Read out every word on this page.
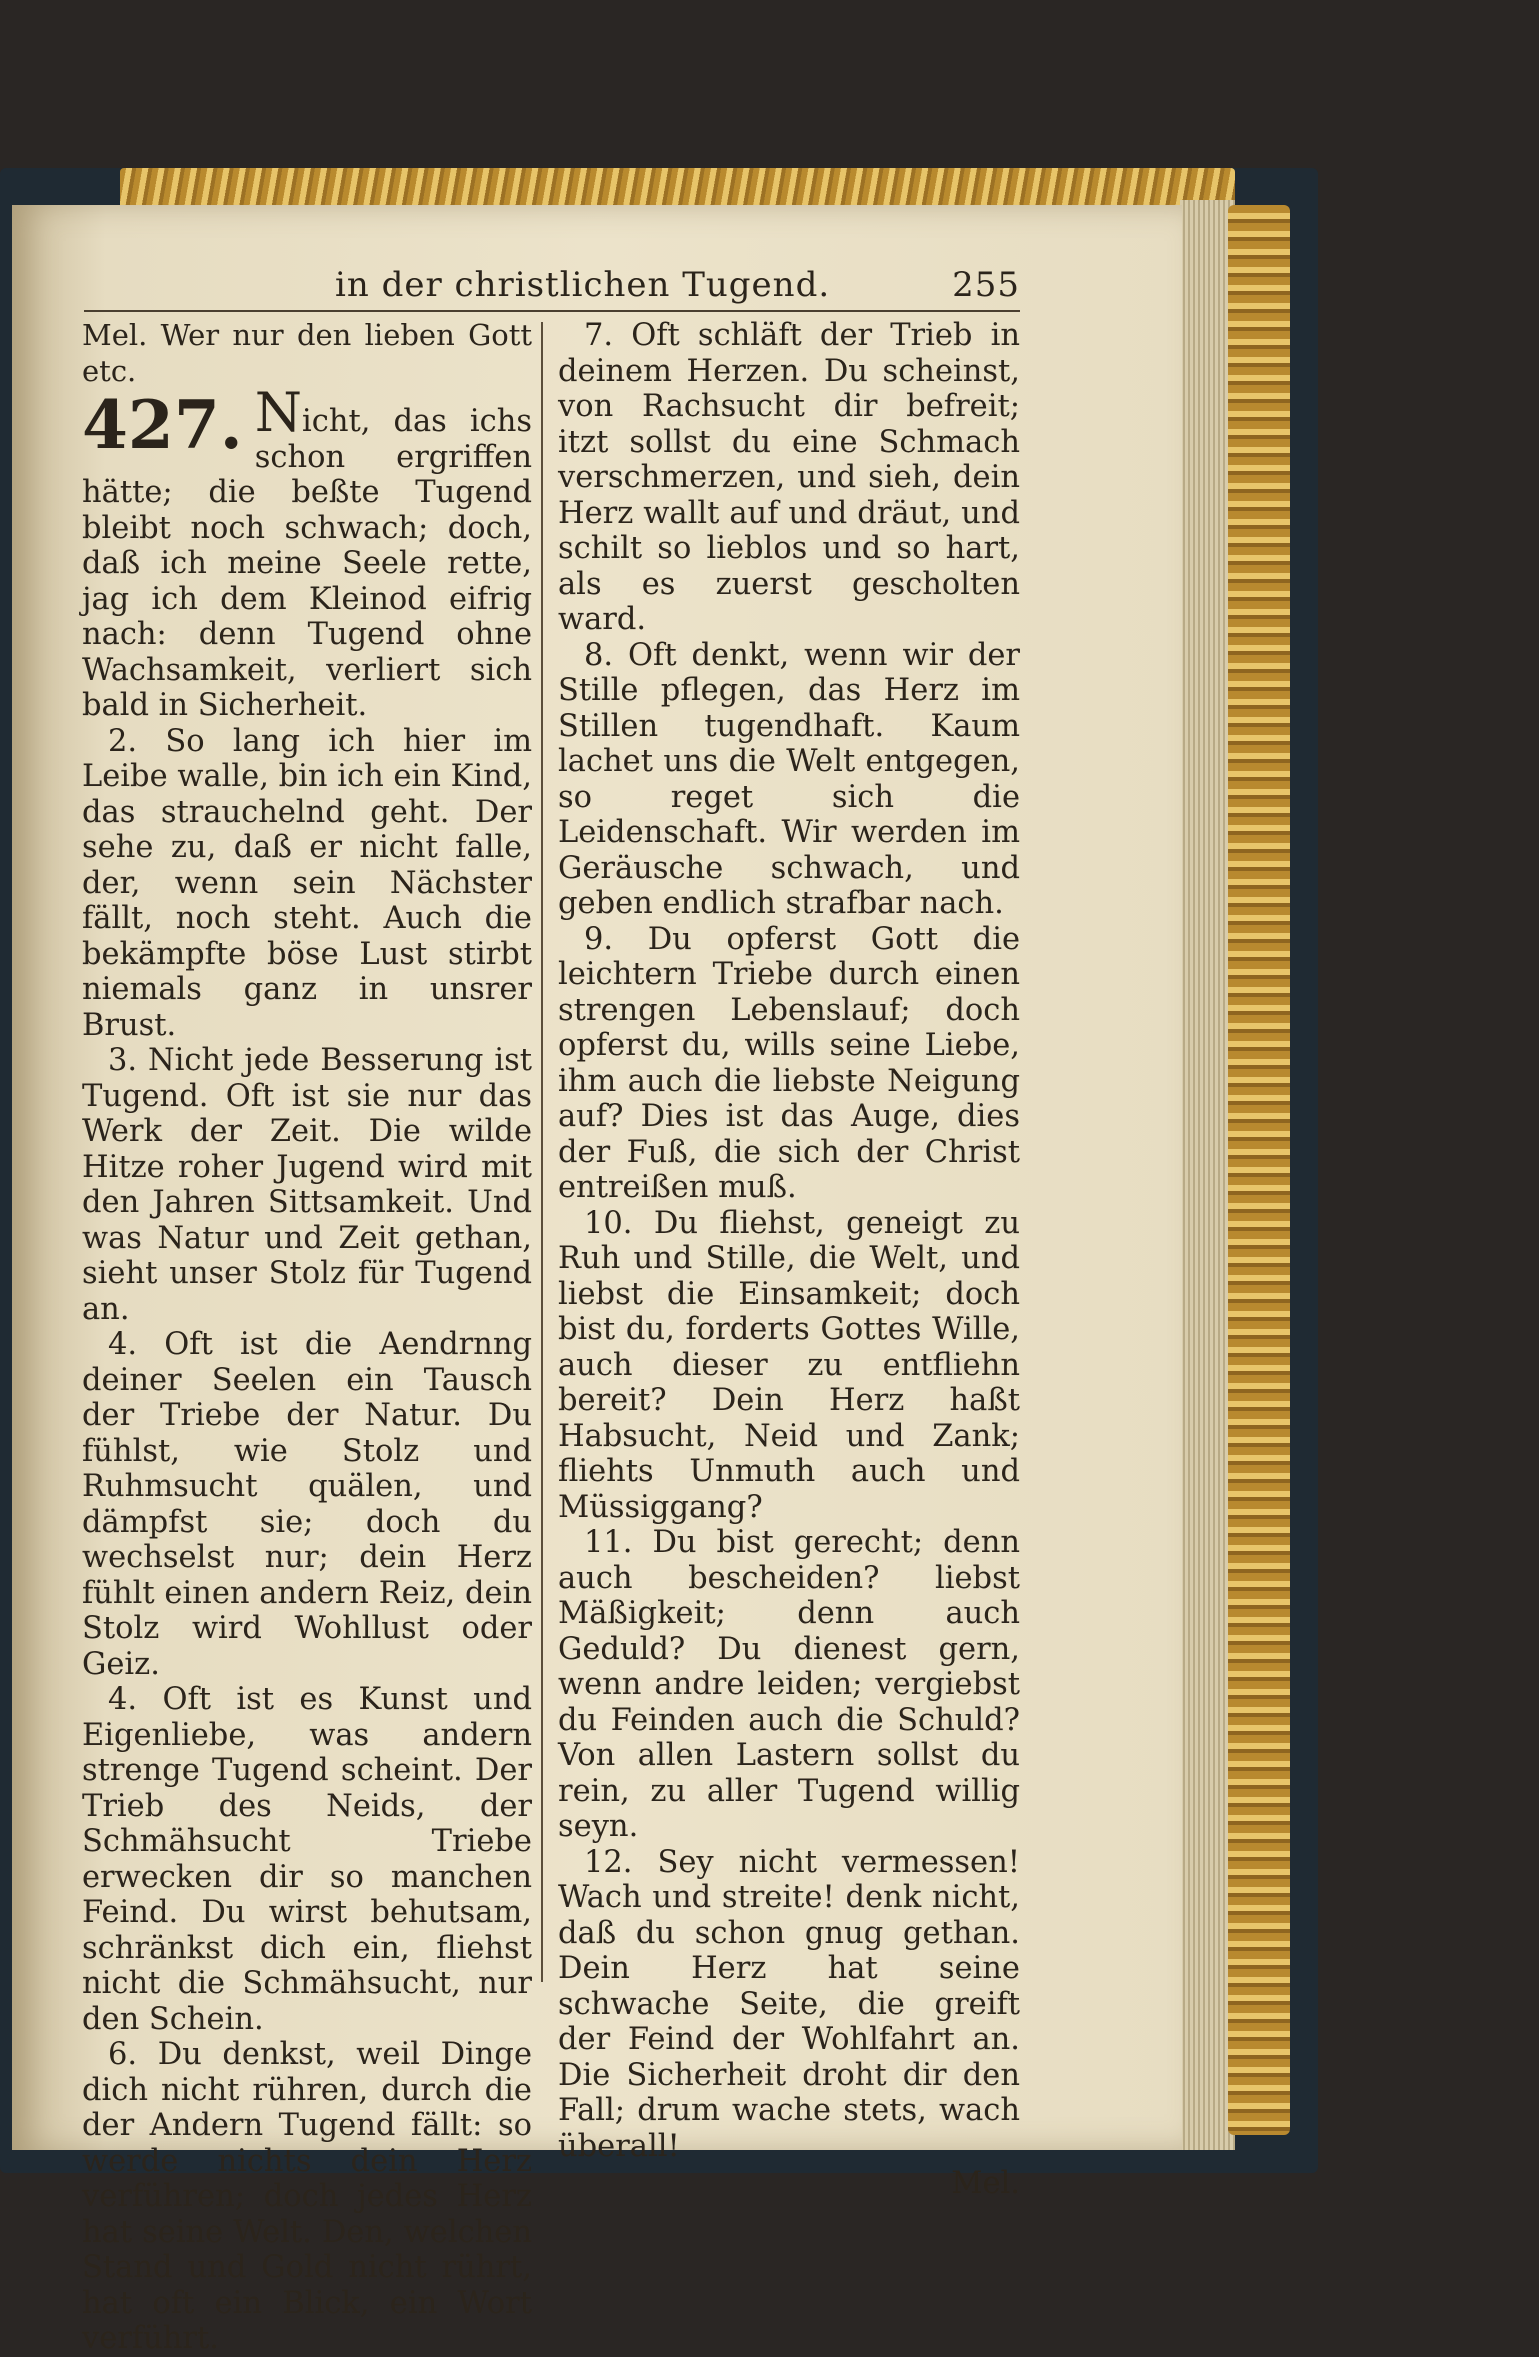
in der christlichen Tugend.	255

Mel. Wer nur den lieben Gott etc.

427. Nicht, das ichs schon ergriffen hätte; die beßte Tugend bleibt noch schwach; doch, daß ich meine Seele rette, jag ich dem Kleinod eifrig nach: denn Tugend ohne Wachsamkeit, verliert sich bald in Sicherheit.

2. So lang ich hier im Leibe walle, bin ich ein Kind, das strauchelnd geht. Der sehe zu, daß er nicht falle, der, wenn sein Nächster fällt, noch steht. Auch die bekämpfte böse Lust stirbt niemals ganz in unsrer Brust.

3. Nicht jede Besserung ist Tugend. Oft ist sie nur das Werk der Zeit. Die wilde Hitze roher Jugend wird mit den Jahren Sittsamkeit. Und was Natur und Zeit gethan, sieht unser Stolz für Tugend an.

4. Oft ist die Aendrnng deiner Seelen ein Tausch der Triebe der Natur. Du fühlst, wie Stolz und Ruhmsucht quälen, und dämpfst sie; doch du wechselst nur; dein Herz fühlt einen andern Reiz, dein Stolz wird Wohllust oder Geiz.

4. Oft ist es Kunst und Eigenliebe, was andern strenge Tugend scheint. Der Trieb des Neids, der Schmähsucht Triebe erwecken dir so manchen Feind. Du wirst behutsam, schränkst dich ein, fliehst nicht die Schmähsucht, nur den Schein.

6. Du denkst, weil Dinge dich nicht rühren, durch die der Andern Tugend fällt: so werde nichts dein Herz verführen; doch jedes Herz hat seine Welt. Den, welchen Stand und Gold nicht rührt, hat oft ein Blick, ein Wort verführt.

7. Oft schläft der Trieb in deinem Herzen. Du scheinst, von Rachsucht dir befreit; itzt sollst du eine Schmach verschmerzen, und sieh, dein Herz wallt auf und dräut, und schilt so lieblos und so hart, als es zuerst gescholten ward.

8. Oft denkt, wenn wir der Stille pflegen, das Herz im Stillen tugendhaft. Kaum lachet uns die Welt entgegen, so reget sich die Leidenschaft. Wir werden im Geräusche schwach, und geben endlich strafbar nach.

9. Du opferst Gott die leichtern Triebe durch einen strengen Lebenslauf; doch opferst du, wills seine Liebe, ihm auch die liebste Neigung auf? Dies ist das Auge, dies der Fuß, die sich der Christ entreißen muß.

10. Du fliehst, geneigt zu Ruh und Stille, die Welt, und liebst die Einsamkeit; doch bist du, forderts Gottes Wille, auch dieser zu entfliehn bereit? Dein Herz haßt Habsucht, Neid und Zank; fliehts Unmuth auch und Müssiggang?

11. Du bist gerecht; denn auch bescheiden? liebst Mäßigkeit; denn auch Geduld? Du dienest gern, wenn andre leiden; vergiebst du Feinden auch die Schuld? Von allen Lastern sollst du rein, zu aller Tugend willig seyn.

12. Sey nicht vermessen! Wach und streite! denk nicht, daß du schon gnug gethan. Dein Herz hat seine schwache Seite, die greift der Feind der Wohlfahrt an. Die Sicherheit droht dir den Fall; drum wache stets, wach überall!

Mel.
